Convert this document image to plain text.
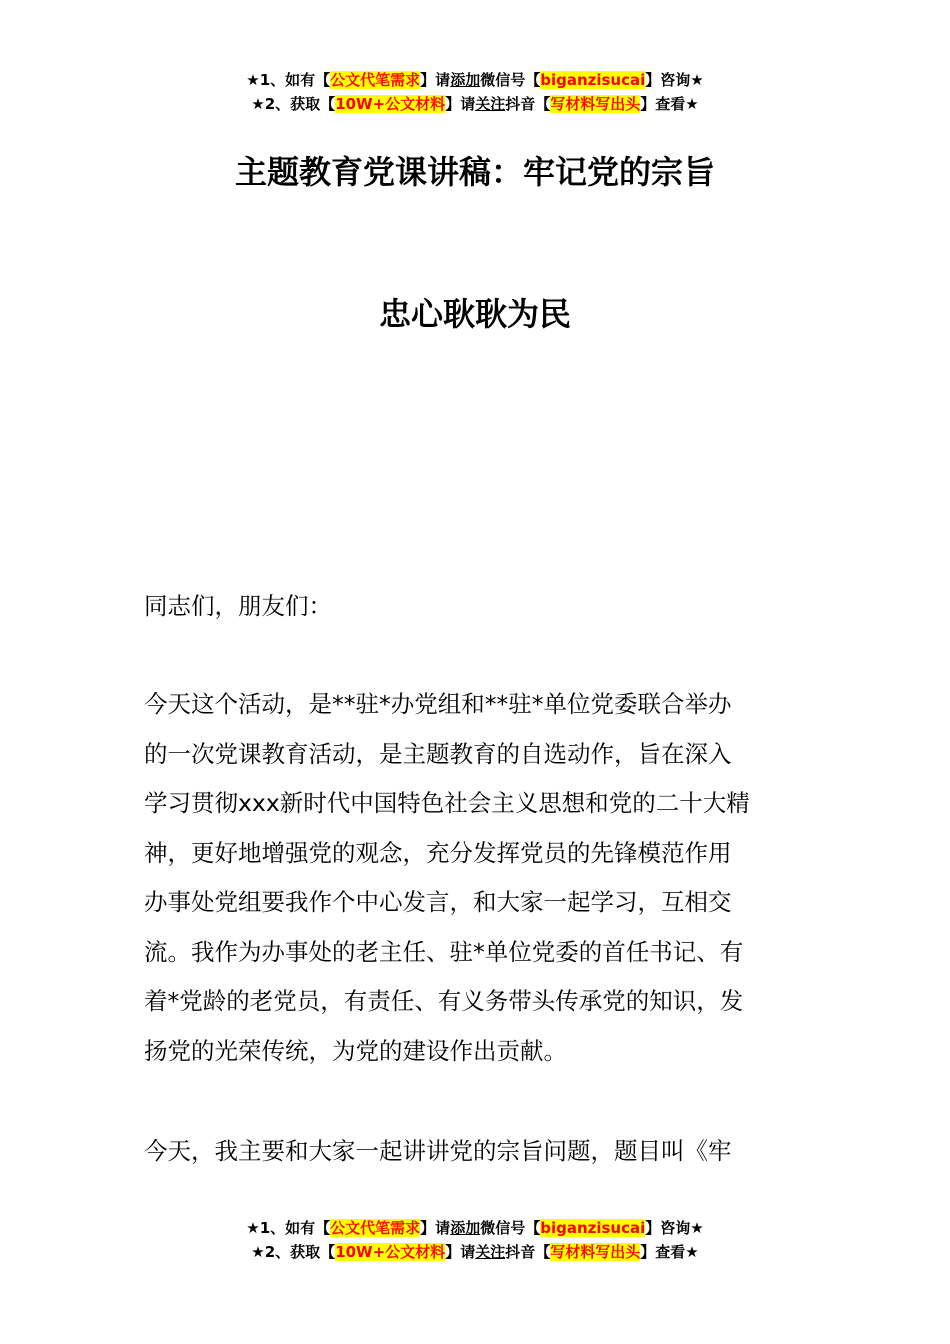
★1、如有【公文代笔需求】请添加微信号【biganzisucai】咨询★
★2、获取【10W+公文材料】请关注抖音【写材料写出头】查看★
主题教育党课讲稿：牢记党的宗旨
忠心耿耿为民
同志们，朋友们：
今天这个活动，是**驻*办党组和**驻*单位党委联合举办
的一次党课教育活动，是主题教育的自选动作，旨在深入
学习贯彻xxx新时代中国特色社会主义思想和党的二十大精
神，更好地增强党的观念，充分发挥党员的先锋模范作用
办事处党组要我作个中心发言，和大家一起学习，互相交
流。我作为办事处的老主任、驻*单位党委的首任书记、有
着*党龄的老党员，有责任、有义务带头传承党的知识，发
扬党的光荣传统，为党的建设作出贡献。
今天，我主要和大家一起讲讲党的宗旨问题，题目叫《牢
★1、如有【公文代笔需求】请添加微信号【biganzisucai】咨询★
★2、获取【10W+公文材料】请关注抖音【写材料写出头】查看★
